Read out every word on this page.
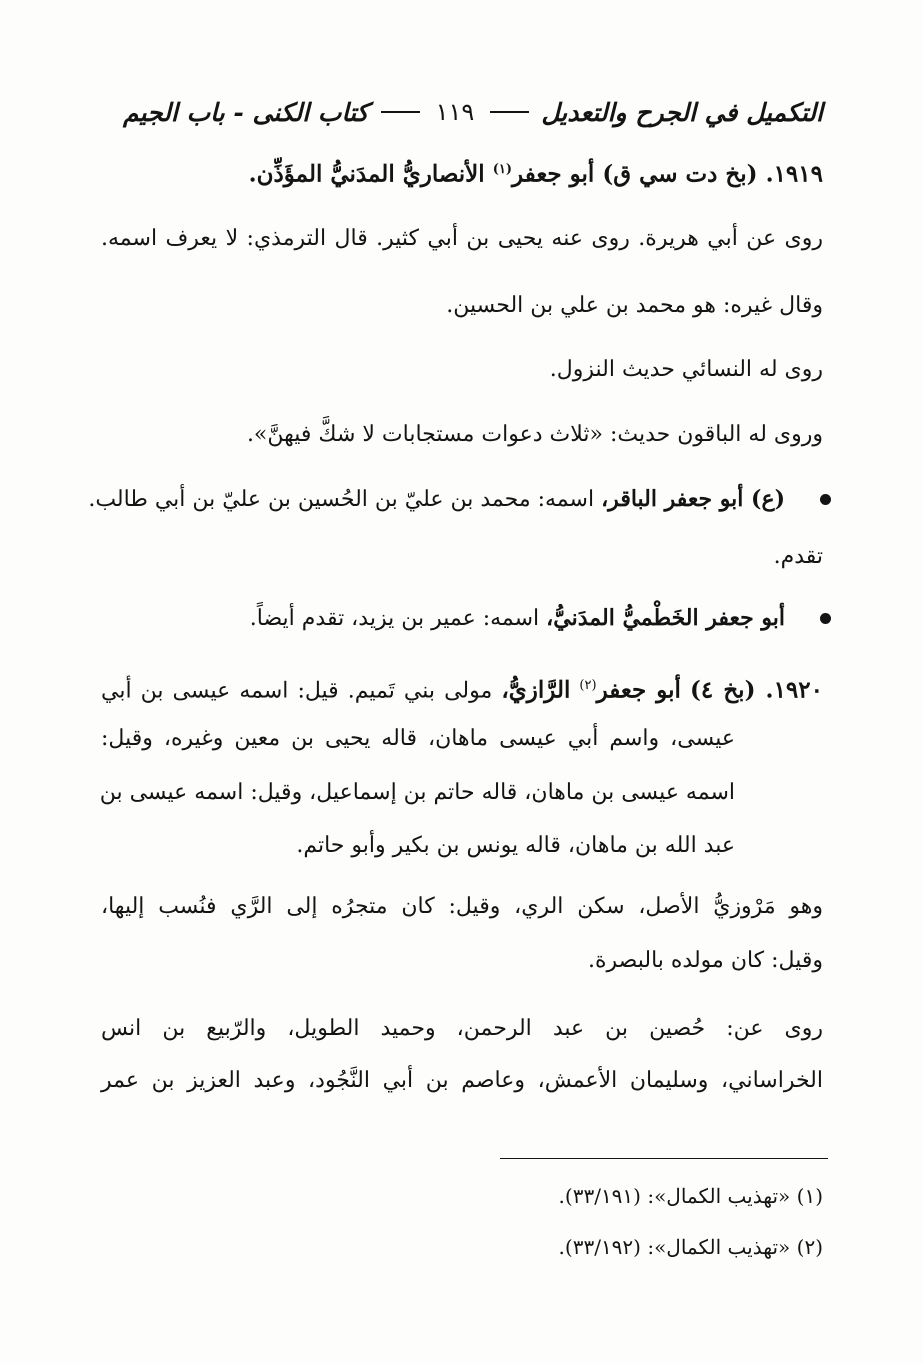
التكميل في الجرح والتعديل
١١٩
كتاب الكنى - باب الجيم
١٩١٩. (بخ دت سي ق) أبو جعفر$^{(١)}$ الأنصاريُّ المدَنيُّ المؤَذِّن.
روى عن أبي هريرة. روى عنه يحيى بن أبي كثير. قال الترمذي: لا يعرف اسمه.
وقال غيره: هو محمد بن علي بن الحسين.
روى له النسائي حديث النزول.
وروى له الباقون حديث: «ثلاث دعوات مستجابات لا شكَّ فيهنَّ».
(ع) أبو جعفر الباقر، اسمه: محمد بن عليّ بن الحُسين بن عليّ بن أبي طالب.
تقدم.
أبو جعفر الخَطْميُّ المدَنيُّ، اسمه: عمير بن يزيد، تقدم أيضاً.
١٩٢٠. (بخ ٤) أبو جعفر$^{(٢)}$ الرَّازيُّ، مولى بني تَميم. قيل: اسمه عيسى بن أبي
عيسى، واسم أبي عيسى ماهان، قاله يحيى بن معين وغيره، وقيل:
اسمه عيسى بن ماهان، قاله حاتم بن إسماعيل، وقيل: اسمه عيسى بن
عبد الله بن ماهان، قاله يونس بن بكير وأبو حاتم.
وهو مَرْوزيُّ الأصل، سكن الري، وقيل: كان متجرُه إلى الرَّي فنُسب إليها،
وقيل: كان مولده بالبصرة.
روى عن: حُصين بن عبد الرحمن، وحميد الطويل، والرّبيع بن انس
الخراساني، وسليمان الأعمش، وعاصم بن أبي النَّجُود، وعبد العزيز بن عمر
(١) «تهذيب الكمال»: (٣٣/١٩١).
(٢) «تهذيب الكمال»: (٣٣/١٩٢).
